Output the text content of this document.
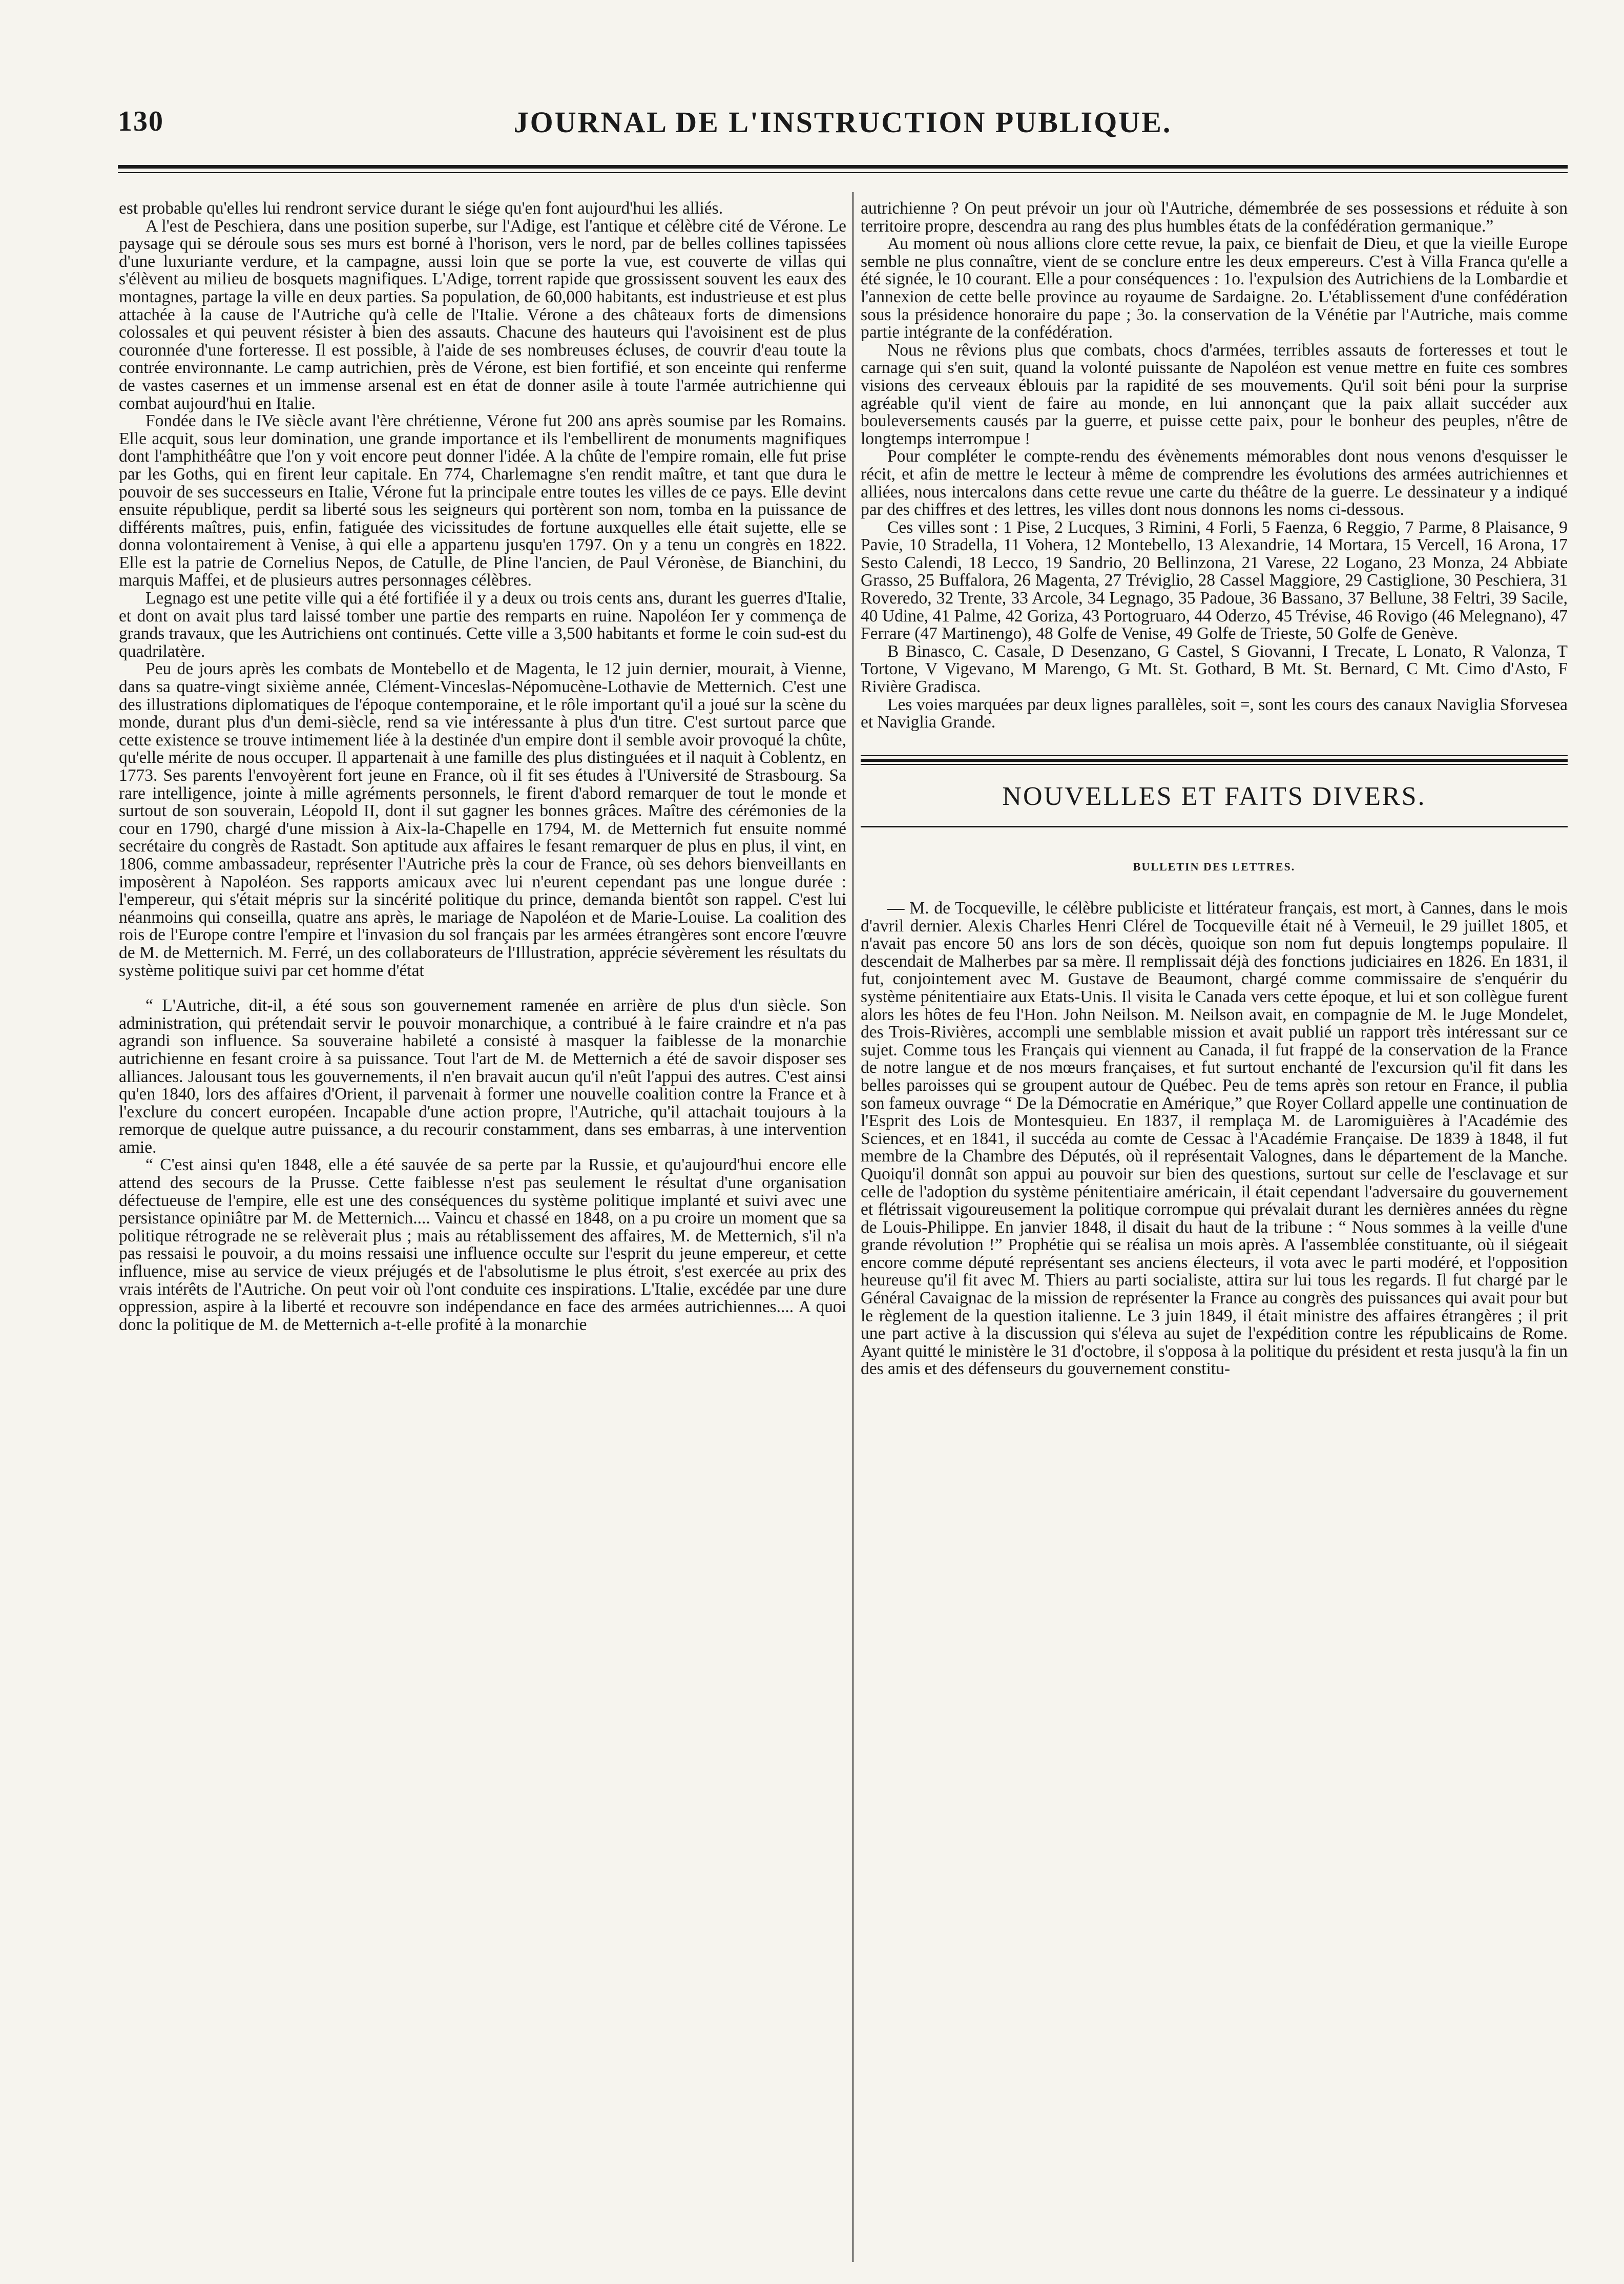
130	JOURNAL DE L'INSTRUCTION PUBLIQUE.

est probable qu'elles lui rendront service durant le siége qu'en font aujourd'hui les alliés.

A l'est de Peschiera, dans une position superbe, sur l'Adige, est l'antique et célèbre cité de Vérone. Le paysage qui se déroule sous ses murs est borné à l'horison, vers le nord, par de belles collines tapissées d'une luxuriante verdure, et la campagne, aussi loin que se porte la vue, est couverte de villas qui s'élèvent au milieu de bosquets magnifiques. L'Adige, torrent rapide que grossissent souvent les eaux des montagnes, partage la ville en deux parties. Sa population, de 60,000 habitants, est industrieuse et est plus attachée à la cause de l'Autriche qu'à celle de l'Italie. Vérone a des châteaux forts de dimensions colossales et qui peuvent résister à bien des assauts. Chacune des hauteurs qui l'avoisinent est de plus couronnée d'une forteresse. Il est possible, à l'aide de ses nombreuses écluses, de couvrir d'eau toute la contrée environnante. Le camp autrichien, près de Vérone, est bien fortifié, et son enceinte qui renferme de vastes casernes et un immense arsenal est en état de donner asile à toute l'armée autrichienne qui combat aujourd'hui en Italie.

Fondée dans le IVe siècle avant l'ère chrétienne, Vérone fut 200 ans après soumise par les Romains. Elle acquit, sous leur domination, une grande importance et ils l'embellirent de monuments magnifiques dont l'amphithéâtre que l'on y voit encore peut donner l'idée. A la chûte de l'empire romain, elle fut prise par les Goths, qui en firent leur capitale. En 774, Charlemagne s'en rendit maître, et tant que dura le pouvoir de ses successeurs en Italie, Vérone fut la principale entre toutes les villes de ce pays. Elle devint ensuite république, perdit sa liberté sous les seigneurs qui portèrent son nom, tomba en la puissance de différents maîtres, puis, enfin, fatiguée des vicissitudes de fortune auxquelles elle était sujette, elle se donna volontairement à Venise, à qui elle a appartenu jusqu'en 1797. On y a tenu un congrès en 1822. Elle est la patrie de Cornelius Nepos, de Catulle, de Pline l'ancien, de Paul Véronèse, de Bianchini, du marquis Maffei, et de plusieurs autres personnages célèbres.

Legnago est une petite ville qui a été fortifiée il y a deux ou trois cents ans, durant les guerres d'Italie, et dont on avait plus tard laissé tomber une partie des remparts en ruine. Napoléon Ier y commença de grands travaux, que les Autrichiens ont continués. Cette ville a 3,500 habitants et forme le coin sud-est du quadrilatère.

Peu de jours après les combats de Montebello et de Magenta, le 12 juin dernier, mourait, à Vienne, dans sa quatre-vingt sixième année, Clément-Vinceslas-Népomucène-Lothavie de Metternich. C'est une des illustrations diplomatiques de l'époque contemporaine, et le rôle important qu'il a joué sur la scène du monde, durant plus d'un demi-siècle, rend sa vie intéressante à plus d'un titre. C'est surtout parce que cette existence se trouve intimement liée à la destinée d'un empire dont il semble avoir provoqué la chûte, qu'elle mérite de nous occuper. Il appartenait à une famille des plus distinguées et il naquit à Coblentz, en 1773. Ses parents l'envoyèrent fort jeune en France, où il fit ses études à l'Université de Strasbourg. Sa rare intelligence, jointe à mille agréments personnels, le firent d'abord remarquer de tout le monde et surtout de son souverain, Léopold II, dont il sut gagner les bonnes grâces. Maître des cérémonies de la cour en 1790, chargé d'une mission à Aix-la-Chapelle en 1794, M. de Metternich fut ensuite nommé secrétaire du congrès de Rastadt. Son aptitude aux affaires le fesant remarquer de plus en plus, il vint, en 1806, comme ambassadeur, représenter l'Autriche près la cour de France, où ses dehors bienveillants en imposèrent à Napoléon. Ses rapports amicaux avec lui n'eurent cependant pas une longue durée : l'empereur, qui s'était mépris sur la sincérité politique du prince, demanda bientôt son rappel. C'est lui néanmoins qui conseilla, quatre ans après, le mariage de Napoléon et de Marie-Louise. La coalition des rois de l'Europe contre l'empire et l'invasion du sol français par les armées étrangères sont encore l'œuvre de M. de Metternich. M. Ferré, un des collaborateurs de l'Illustration, apprécie sévèrement les résultats du système politique suivi par cet homme d'état

“ L'Autriche, dit-il, a été sous son gouvernement ramenée en arrière de plus d'un siècle. Son administration, qui prétendait servir le pouvoir monarchique, a contribué à le faire craindre et n'a pas agrandi son influence. Sa souveraine habileté a consisté à masquer la faiblesse de la monarchie autrichienne en fesant croire à sa puissance. Tout l'art de M. de Metternich a été de savoir disposer ses alliances. Jalousant tous les gouvernements, il n'en bravait aucun qu'il n'eût l'appui des autres. C'est ainsi qu'en 1840, lors des affaires d'Orient, il parvenait à former une nouvelle coalition contre la France et à l'exclure du concert européen. Incapable d'une action propre, l'Autriche, qu'il attachait toujours à la remorque de quelque autre puissance, a du recourir constamment, dans ses embarras, à une intervention amie.

“ C'est ainsi qu'en 1848, elle a été sauvée de sa perte par la Russie, et qu'aujourd'hui encore elle attend des secours de la Prusse. Cette faiblesse n'est pas seulement le résultat d'une organisation défectueuse de l'empire, elle est une des conséquences du système politique implanté et suivi avec une persistance opiniâtre par M. de Metternich.... Vaincu et chassé en 1848, on a pu croire un moment que sa politique rétrograde ne se relèverait plus ; mais au rétablissement des affaires, M. de Metternich, s'il n'a pas ressaisi le pouvoir, a du moins ressaisi une influence occulte sur l'esprit du jeune empereur, et cette influence, mise au service de vieux préjugés et de l'absolutisme le plus étroit, s'est exercée au prix des vrais intérêts de l'Autriche. On peut voir où l'ont conduite ces inspirations. L'Italie, excédée par une dure oppression, aspire à la liberté et recouvre son indépendance en face des armées autrichiennes.... A quoi donc la politique de M. de Metternich a-t-elle profité à la monarchie

autrichienne ? On peut prévoir un jour où l'Autriche, démembrée de ses possessions et réduite à son territoire propre, descendra au rang des plus humbles états de la confédération germanique.”

Au moment où nous allions clore cette revue, la paix, ce bienfait de Dieu, et que la vieille Europe semble ne plus connaître, vient de se conclure entre les deux empereurs. C'est à Villa Franca qu'elle a été signée, le 10 courant. Elle a pour conséquences : 1o. l'expulsion des Autrichiens de la Lombardie et l'annexion de cette belle province au royaume de Sardaigne. 2o. L'établissement d'une confédération sous la présidence honoraire du pape ; 3o. la conservation de la Vénétie par l'Autriche, mais comme partie intégrante de la confédération.

Nous ne rêvions plus que combats, chocs d'armées, terribles assauts de forteresses et tout le carnage qui s'en suit, quand la volonté puissante de Napoléon est venue mettre en fuite ces sombres visions des cerveaux éblouis par la rapidité de ses mouvements. Qu'il soit béni pour la surprise agréable qu'il vient de faire au monde, en lui annonçant que la paix allait succéder aux bouleversements causés par la guerre, et puisse cette paix, pour le bonheur des peuples, n'être de longtemps interrompue !

Pour compléter le compte-rendu des évènements mémorables dont nous venons d'esquisser le récit, et afin de mettre le lecteur à même de comprendre les évolutions des armées autrichiennes et alliées, nous intercalons dans cette revue une carte du théâtre de la guerre. Le dessinateur y a indiqué par des chiffres et des lettres, les villes dont nous donnons les noms ci-dessous.

Ces villes sont : 1 Pise, 2 Lucques, 3 Rimini, 4 Forli, 5 Faenza, 6 Reggio, 7 Parme, 8 Plaisance, 9 Pavie, 10 Stradella, 11 Vohera, 12 Montebello, 13 Alexandrie, 14 Mortara, 15 Vercell, 16 Arona, 17 Sesto Calendi, 18 Lecco, 19 Sandrio, 20 Bellinzona, 21 Varese, 22 Logano, 23 Monza, 24 Abbiate Grasso, 25 Buffalora, 26 Magenta, 27 Tréviglio, 28 Cassel Maggiore, 29 Castiglione, 30 Peschiera, 31 Roveredo, 32 Trente, 33 Arcole, 34 Legnago, 35 Padoue, 36 Bassano, 37 Bellune, 38 Feltri, 39 Sacile, 40 Udine, 41 Palme, 42 Goriza, 43 Portogruaro, 44 Oderzo, 45 Trévise, 46 Rovigo (46 Melegnano), 47 Ferrare (47 Martinengo), 48 Golfe de Venise, 49 Golfe de Trieste, 50 Golfe de Genève.

B Binasco, C. Casale, D Desenzano, G Castel, S Giovanni, I Trecate, L Lonato, R Valonza, T Tortone, V Vigevano, M Marengo, G Mt. St. Gothard, B Mt. St. Bernard, C Mt. Cimo d'Asto, F Rivière Gradisca.

Les voies marquées par deux lignes parallèles, soit =, sont les cours des canaux Naviglia Sforvesea et Naviglia Grande.

NOUVELLES ET FAITS DIVERS.
BULLETIN DES LETTRES.

— M. de Tocqueville, le célèbre publiciste et littérateur français, est mort, à Cannes, dans le mois d'avril dernier. Alexis Charles Henri Clérel de Tocqueville était né à Verneuil, le 29 juillet 1805, et n'avait pas encore 50 ans lors de son décès, quoique son nom fut depuis longtemps populaire. Il descendait de Malherbes par sa mère. Il remplissait déjà des fonctions judiciaires en 1826. En 1831, il fut, conjointement avec M. Gustave de Beaumont, chargé comme commissaire de s'enquérir du système pénitentiaire aux Etats-Unis. Il visita le Canada vers cette époque, et lui et son collègue furent alors les hôtes de feu l'Hon. John Neilson. M. Neilson avait, en compagnie de M. le Juge Mondelet, des Trois-Rivières, accompli une semblable mission et avait publié un rapport très intéressant sur ce sujet. Comme tous les Français qui viennent au Canada, il fut frappé de la conservation de la France de notre langue et de nos mœurs françaises, et fut surtout enchanté de l'excursion qu'il fit dans les belles paroisses qui se groupent autour de Québec. Peu de tems après son retour en France, il publia son fameux ouvrage “ De la Démocratie en Amérique,” que Royer Collard appelle une continuation de l'Esprit des Lois de Montesquieu. En 1837, il remplaça M. de Laromiguières à l'Académie des Sciences, et en 1841, il succéda au comte de Cessac à l'Académie Française. De 1839 à 1848, il fut membre de la Chambre des Députés, où il représentait Valognes, dans le département de la Manche. Quoiqu'il donnât son appui au pouvoir sur bien des questions, surtout sur celle de l'esclavage et sur celle de l'adoption du système pénitentiaire américain, il était cependant l'adversaire du gouvernement et flétrissait vigoureusement la politique corrompue qui prévalait durant les dernières années du règne de Louis-Philippe. En janvier 1848, il disait du haut de la tribune : “ Nous sommes à la veille d'une grande révolution !” Prophétie qui se réalisa un mois après. A l'assemblée constituante, où il siégeait encore comme député représentant ses anciens électeurs, il vota avec le parti modéré, et l'opposition heureuse qu'il fit avec M. Thiers au parti socialiste, attira sur lui tous les regards. Il fut chargé par le Général Cavaignac de la mission de représenter la France au congrès des puissances qui avait pour but le règlement de la question italienne. Le 3 juin 1849, il était ministre des affaires étrangères ; il prit une part active à la discussion qui s'éleva au sujet de l'expédition contre les républicains de Rome. Ayant quitté le ministère le 31 d'octobre, il s'opposa à la politique du président et resta jusqu'à la fin un des amis et des défenseurs du gouvernement constitu-
